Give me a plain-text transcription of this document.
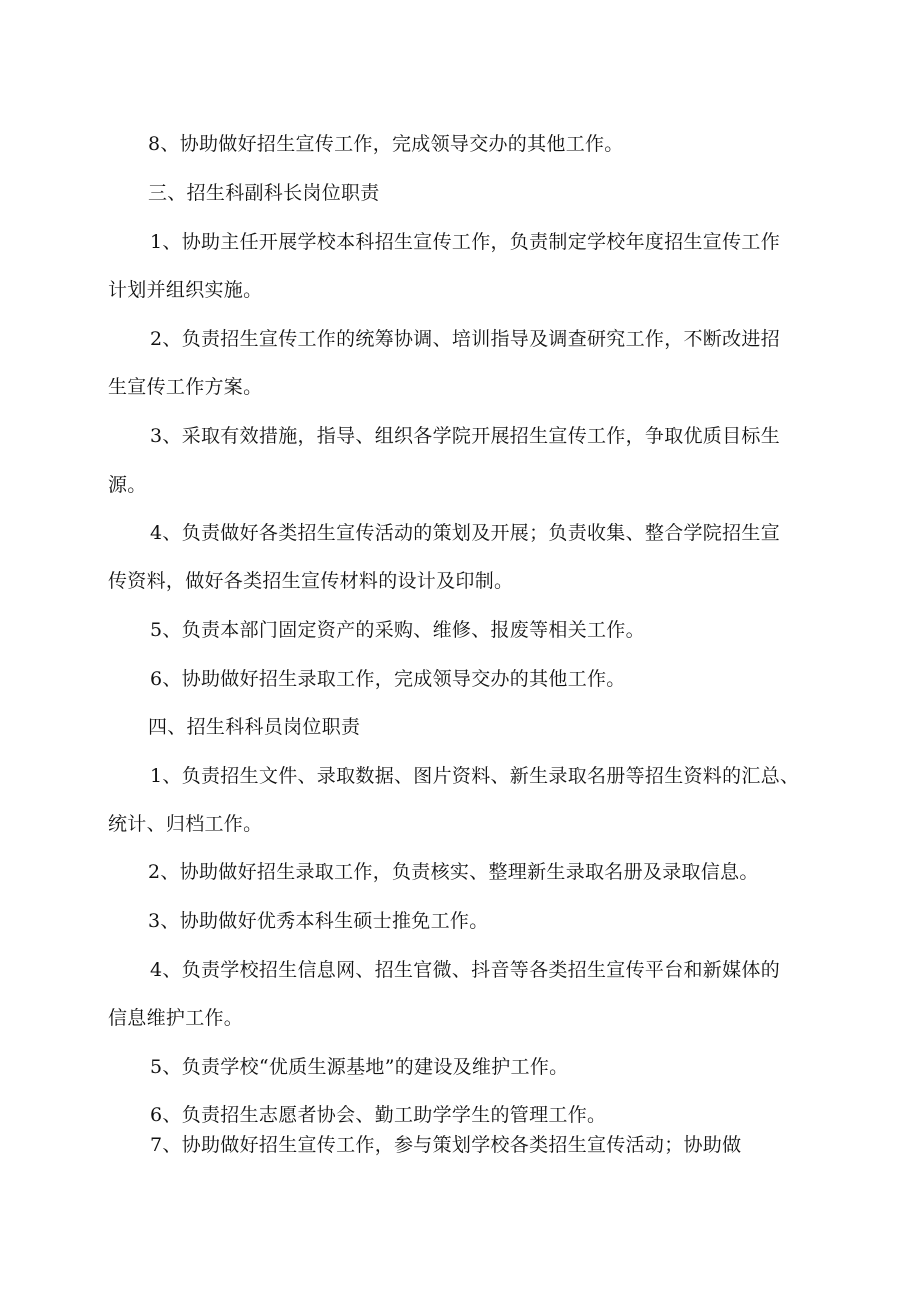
8、协助做好招生宣传工作，完成领导交办的其他工作。
三、招生科副科长岗位职责
1、协助主任开展学校本科招生宣传工作，负责制定学校年度招生宣传工作
计划并组织实施。
2、负责招生宣传工作的统筹协调、培训指导及调查研究工作，不断改进招
生宣传工作方案。
3、采取有效措施，指导、组织各学院开展招生宣传工作，争取优质目标生
源。
4、负责做好各类招生宣传活动的策划及开展；负责收集、整合学院招生宣
传资料，做好各类招生宣传材料的设计及印制。
5、负责本部门固定资产的采购、维修、报废等相关工作。
6、协助做好招生录取工作，完成领导交办的其他工作。
四、招生科科员岗位职责
1、负责招生文件、录取数据、图片资料、新生录取名册等招生资料的汇总、
统计、归档工作。
2、协助做好招生录取工作，负责核实、整理新生录取名册及录取信息。
3、协助做好优秀本科生硕士推免工作。
4、负责学校招生信息网、招生官微、抖音等各类招生宣传平台和新媒体的
信息维护工作。
5、负责学校“优质生源基地”的建设及维护工作。
6、负责招生志愿者协会、勤工助学学生的管理工作。
7、协助做好招生宣传工作，参与策划学校各类招生宣传活动；协助做
